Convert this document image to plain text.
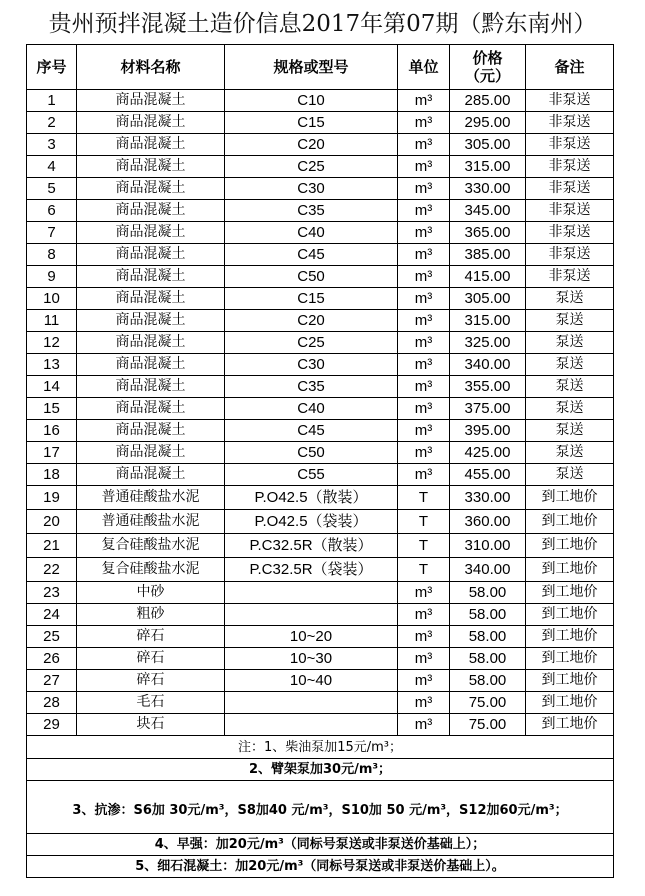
贵州预拌混凝土造价信息2017年第07期（黔东南州）
序号	材料名称	规格或型号	单位	价格（元）	备注
1	商品混凝土	C10	m³	285.00	非泵送
2	商品混凝土	C15	m³	295.00	非泵送
3	商品混凝土	C20	m³	305.00	非泵送
4	商品混凝土	C25	m³	315.00	非泵送
5	商品混凝土	C30	m³	330.00	非泵送
6	商品混凝土	C35	m³	345.00	非泵送
7	商品混凝土	C40	m³	365.00	非泵送
8	商品混凝土	C45	m³	385.00	非泵送
9	商品混凝土	C50	m³	415.00	非泵送
10	商品混凝土	C15	m³	305.00	泵送
11	商品混凝土	C20	m³	315.00	泵送
12	商品混凝土	C25	m³	325.00	泵送
13	商品混凝土	C30	m³	340.00	泵送
14	商品混凝土	C35	m³	355.00	泵送
15	商品混凝土	C40	m³	375.00	泵送
16	商品混凝土	C45	m³	395.00	泵送
17	商品混凝土	C50	m³	425.00	泵送
18	商品混凝土	C55	m³	455.00	泵送
19	普通硅酸盐水泥	P.O42.5（散装）	T	330.00	到工地价
20	普通硅酸盐水泥	P.O42.5（袋装）	T	360.00	到工地价
21	复合硅酸盐水泥	P.C32.5R（散装）	T	310.00	到工地价
22	复合硅酸盐水泥	P.C32.5R（袋装）	T	340.00	到工地价
23	中砂		m³	58.00	到工地价
24	粗砂		m³	58.00	到工地价
25	碎石	10~20	m³	58.00	到工地价
26	碎石	10~30	m³	58.00	到工地价
27	碎石	10~40	m³	58.00	到工地价
28	毛石		m³	75.00	到工地价
29	块石		m³	75.00	到工地价
注：1、柴油泵加15元/m³；					
2、臂架泵加30元/m³；					
3、抗渗：S6加 30元/m³，S8加40 元/m³，S10加 50 元/m³，S12加60元/m³；					
4、早强：加20元/m³（同标号泵送或非泵送价基础上）；					
5、细石混凝土：加20元/m³（同标号泵送或非泵送价基础上）。					
